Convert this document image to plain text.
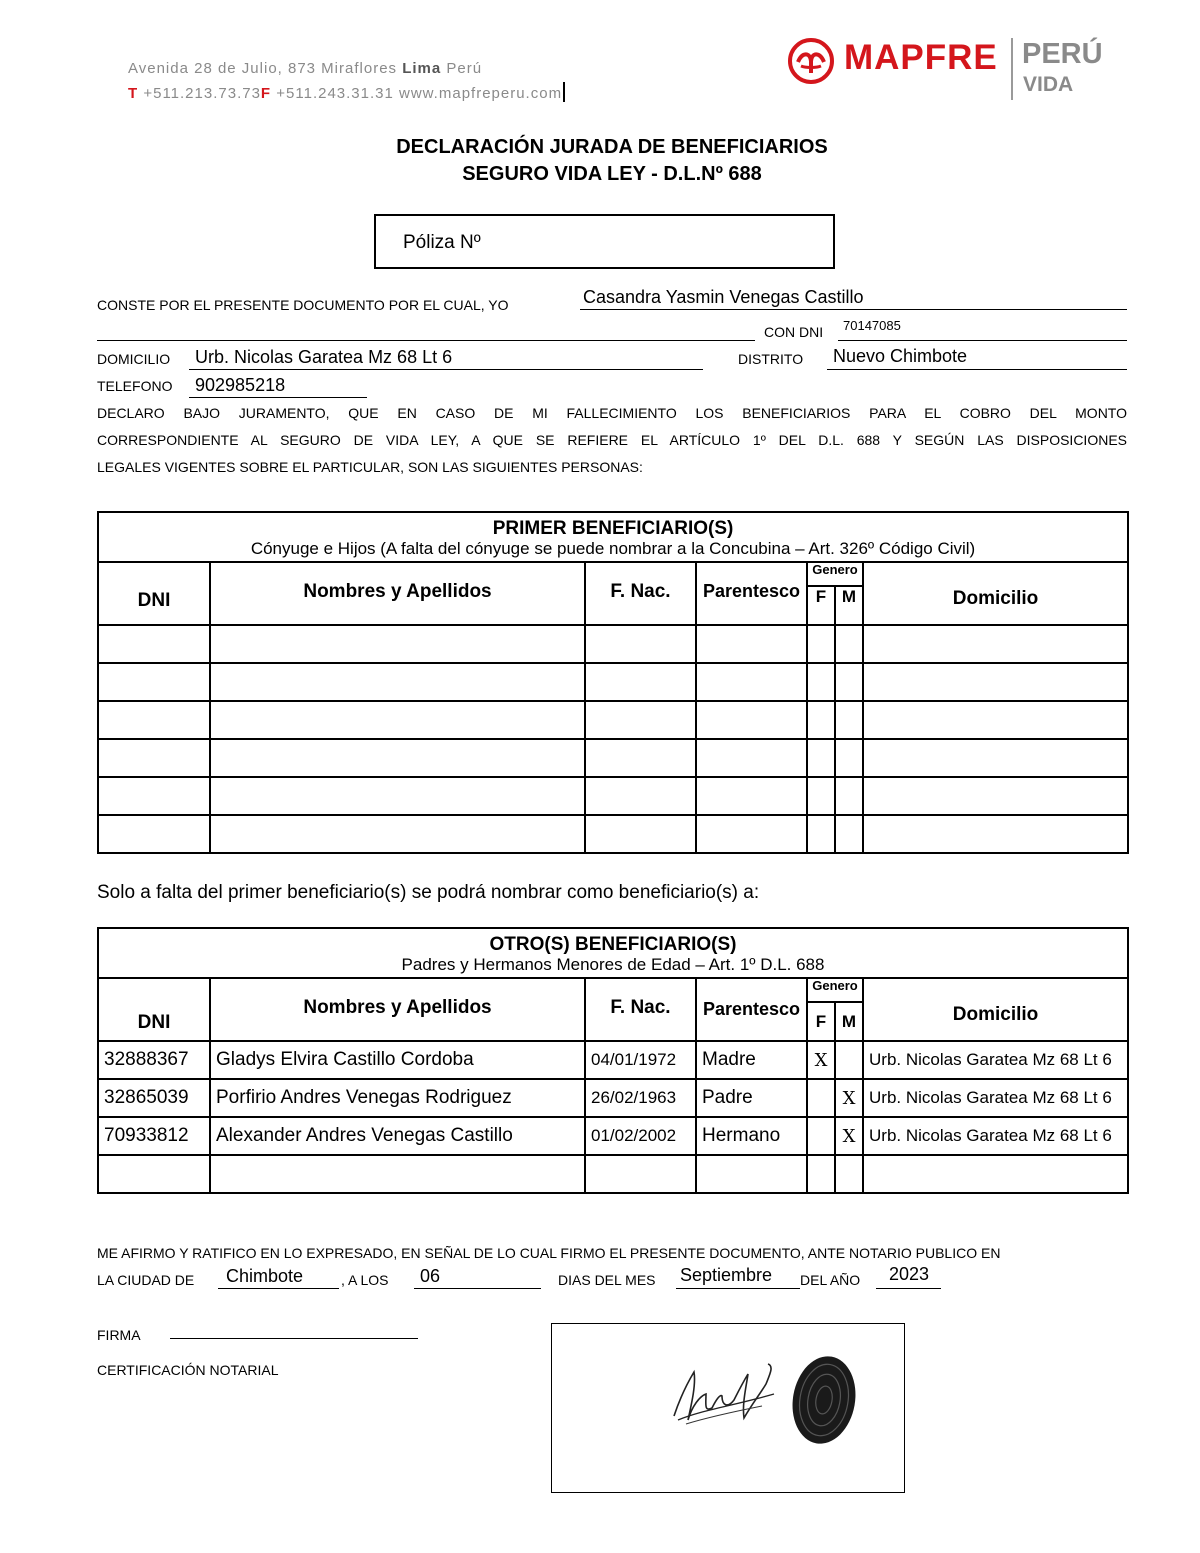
Avenida 28 de Julio, 873 Miraflores Lima Perú
T +511.213.73.73F +511.243.31.31 www.mapfreperu.com
MAPFRE PERÚ
VIDA
DECLARACIÓN JURADA DE BENEFICIARIOS
SEGURO VIDA LEY - D.L.Nº 688
Póliza Nº
CONSTE POR EL PRESENTE DOCUMENTO POR EL CUAL, YO	Casandra Yasmin Venegas Castillo
CON DNI 70147085
DOMICILIO Urb. Nicolas Garatea Mz 68 Lt 6	DISTRITO Nuevo Chimbote
TELEFONO 902985218
DECLARO BAJO JURAMENTO, QUE EN CASO DE MI FALLECIMIENTO LOS BENEFICIARIOS PARA EL COBRO DEL MONTO
CORRESPONDIENTE AL SEGURO DE VIDA LEY, A QUE SE REFIERE EL ARTÍCULO 1º DEL D.L. 688 Y SEGÚN LAS DISPOSICIONES
LEGALES VIGENTES SOBRE EL PARTICULAR, SON LAS SIGUIENTES PERSONAS:
PRIMER BENEFICIARIO(S)
Cónyuge e Hijos (A falta del cónyuge se puede nombrar a la Concubina – Art. 326º Código Civil)						

DNI	Nombres y Apellidos	F. Nac.	Parentesco	Genero		Domicilio
				F	M	

Solo a falta del primer beneficiario(s) se podrá nombrar como beneficiario(s) a:
OTRO(S) BENEFICIARIO(S)
Padres y Hermanos Menores de Edad – Art. 1º D.L. 688						

DNI	Nombres y Apellidos	F. Nac.	Parentesco	Genero		Domicilio
				F	M	
32888367	Gladys Elvira Castillo Cordoba	04/01/1972	Madre	X		Urb. Nicolas Garatea Mz 68 Lt 6
32865039	Porfirio Andres Venegas Rodriguez	26/02/1963	Padre		X	Urb. Nicolas Garatea Mz 68 Lt 6
70933812	Alexander Andres Venegas Castillo	01/02/2002	Hermano		X	Urb. Nicolas Garatea Mz 68 Lt 6

ME AFIRMO Y RATIFICO EN LO EXPRESADO, EN SEÑAL DE LO CUAL FIRMO EL PRESENTE DOCUMENTO, ANTE NOTARIO PUBLICO EN
LA CIUDAD DE Chimbote	, A LOS 06	DIAS DEL MES Septiembre DEL AÑO 2023
FIRMA
CERTIFICACIÓN NOTARIAL
